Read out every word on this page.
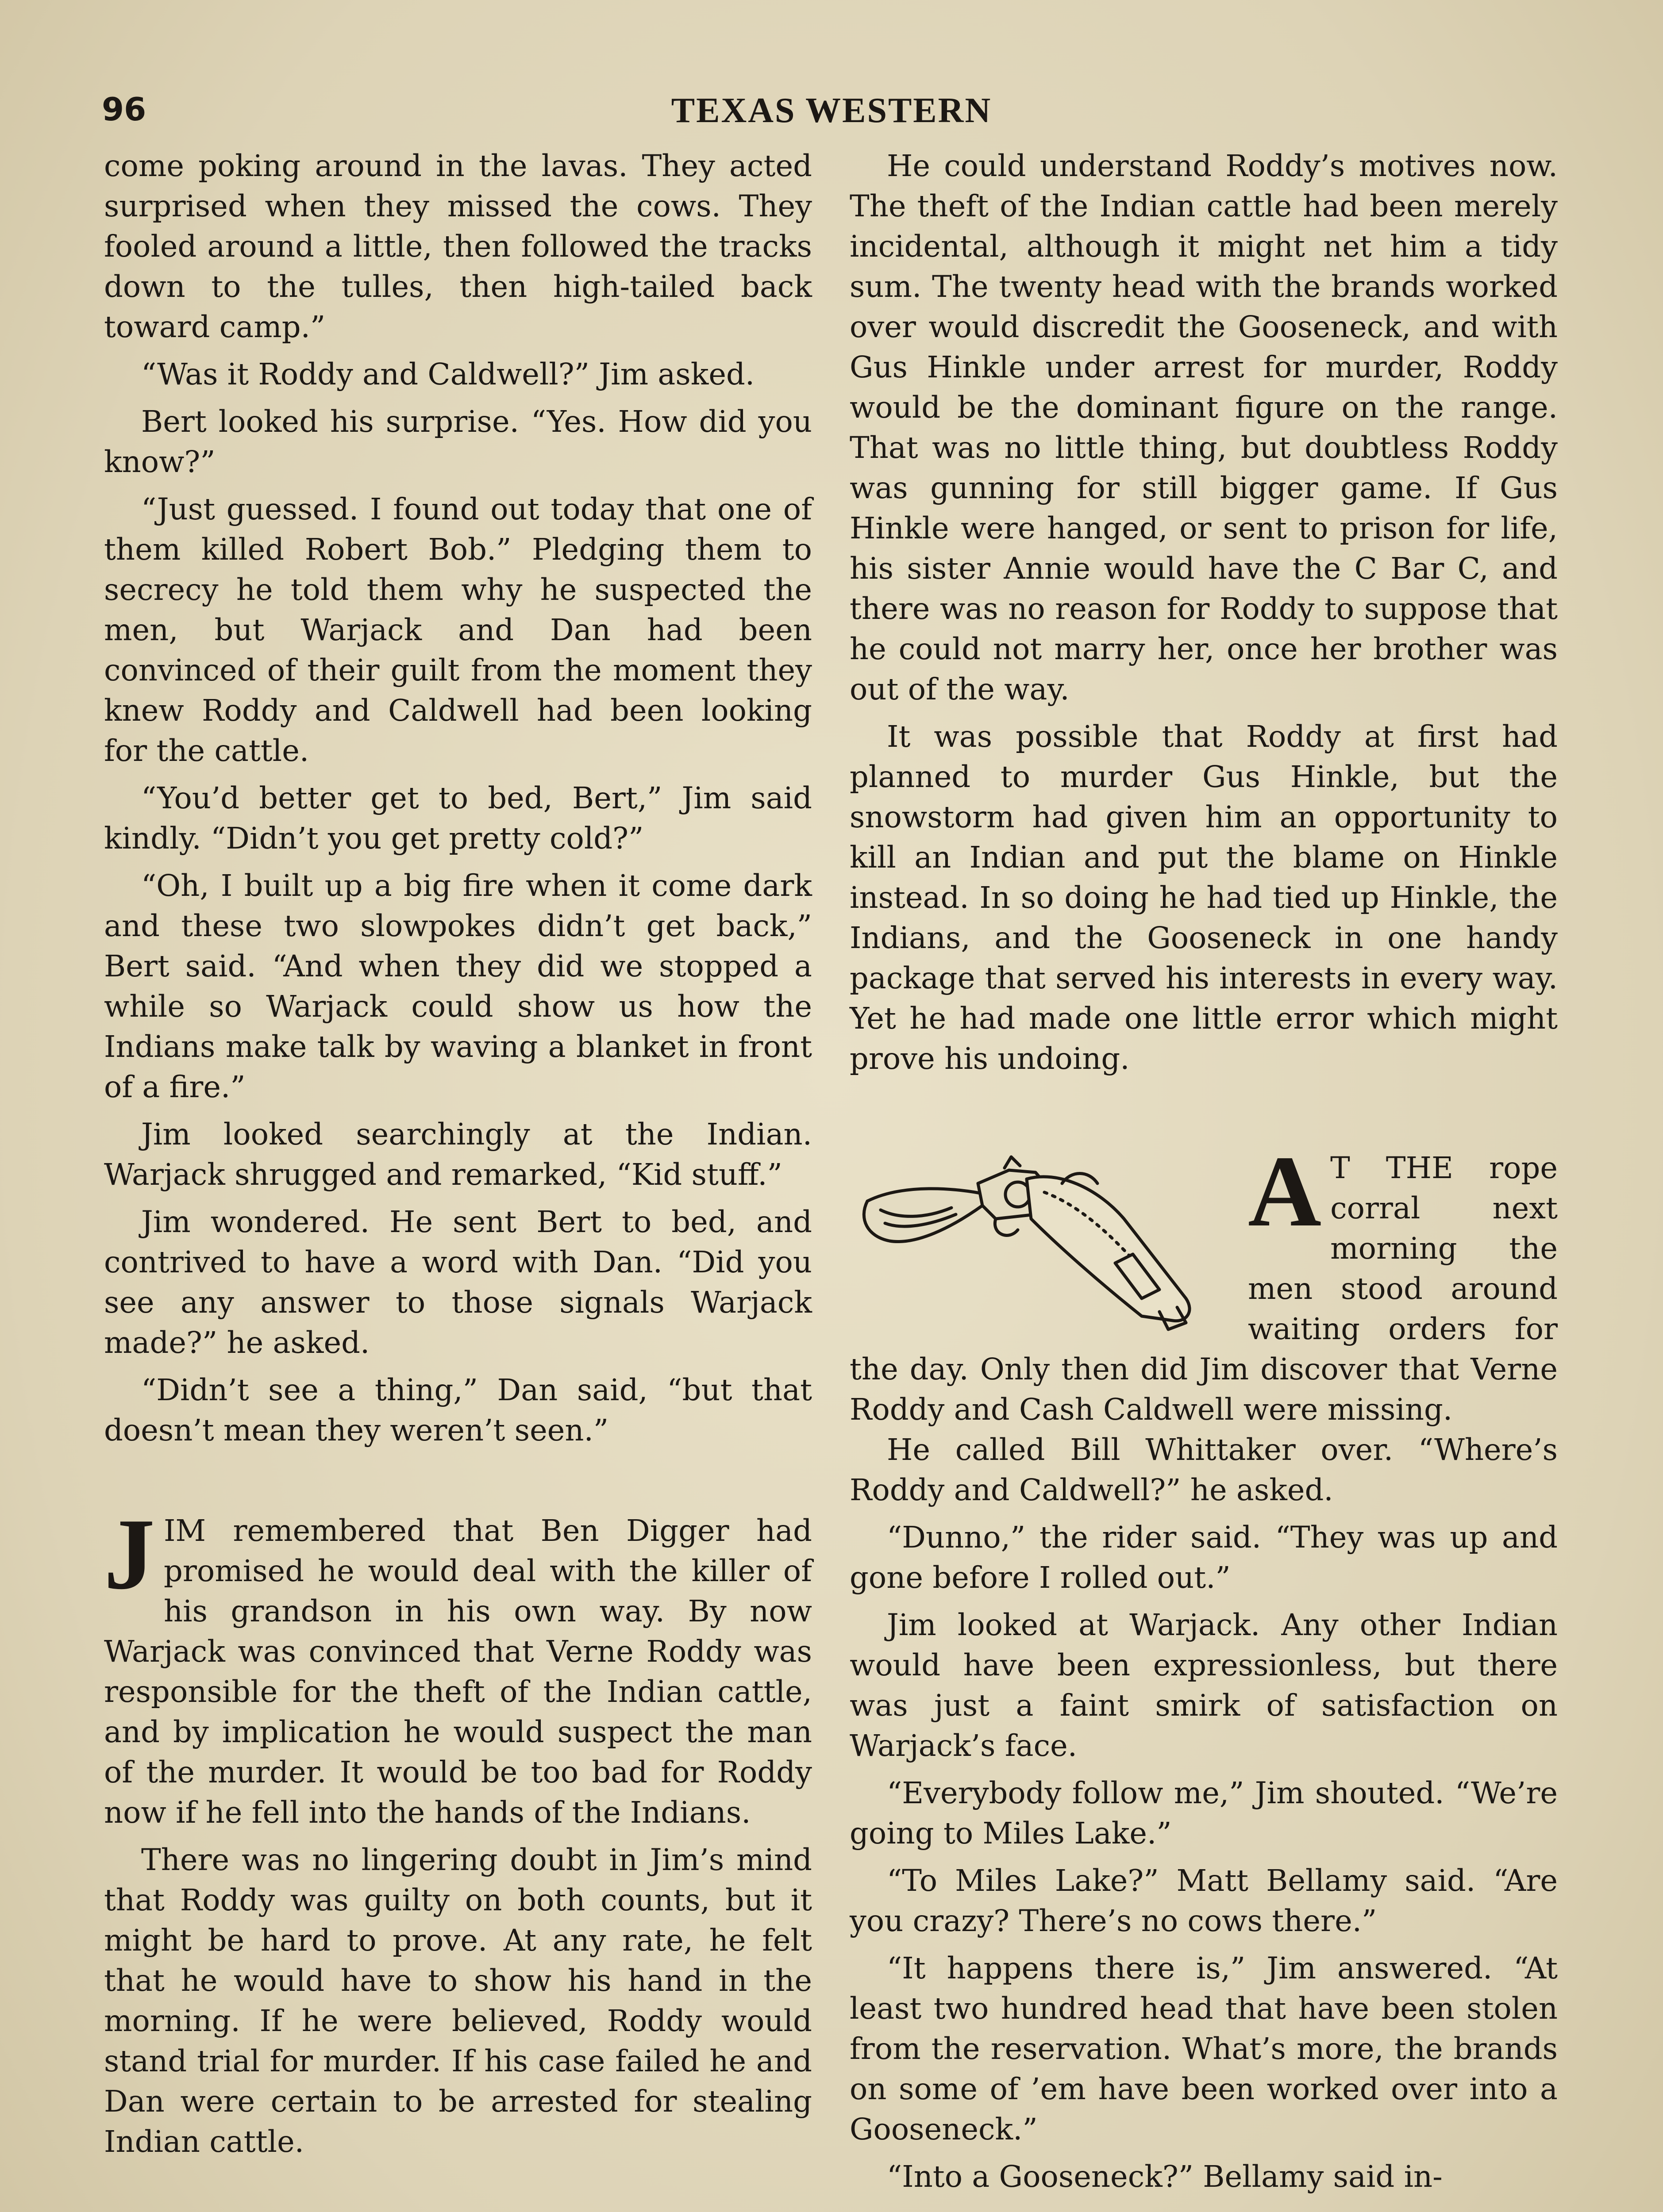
96	TEXAS WESTERN

come poking around in the lavas. They acted surprised when they missed the cows. They fooled around a little, then followed the tracks down to the tulles, then high-tailed back toward camp.”

“Was it Roddy and Caldwell?” Jim asked.

Bert looked his surprise. “Yes. How did you know?”

“Just guessed. I found out today that one of them killed Robert Bob.” Pledging them to secrecy he told them why he suspected the men, but Warjack and Dan had been convinced of their guilt from the moment they knew Roddy and Caldwell had been looking for the cattle.

“You’d better get to bed, Bert,” Jim said kindly. “Didn’t you get pretty cold?”

“Oh, I built up a big fire when it come dark and these two slowpokes didn’t get back,” Bert said. “And when they did we stopped a while so Warjack could show us how the Indians make talk by waving a blanket in front of a fire.”

Jim looked searchingly at the Indian. Warjack shrugged and remarked, “Kid stuff.”

Jim wondered. He sent Bert to bed, and contrived to have a word with Dan. “Did you see any answer to those signals Warjack made?” he asked.

“Didn’t see a thing,” Dan said, “but that doesn’t mean they weren’t seen.”

J IM remembered that Ben Digger had promised he would deal with the killer of his grandson in his own way. By now Warjack was convinced that Verne Roddy was responsible for the theft of the Indian cattle, and by implication he would suspect the man of the murder. It would be too bad for Roddy now if he fell into the hands of the Indians.

There was no lingering doubt in Jim’s mind that Roddy was guilty on both counts, but it might be hard to prove. At any rate, he felt that he would have to show his hand in the morning. If he were believed, Roddy would stand trial for murder. If his case failed he and Dan were certain to be arrested for stealing Indian cattle.

He could understand Roddy’s motives now. The theft of the Indian cattle had been merely incidental, although it might net him a tidy sum. The twenty head with the brands worked over would discredit the Gooseneck, and with Gus Hinkle under arrest for murder, Roddy would be the dominant figure on the range. That was no little thing, but doubtless Roddy was gunning for still bigger game. If Gus Hinkle were hanged, or sent to prison for life, his sister Annie would have the C Bar C, and there was no reason for Roddy to suppose that he could not marry her, once her brother was out of the way.

It was possible that Roddy at first had planned to murder Gus Hinkle, but the snowstorm had given him an opportunity to kill an Indian and put the blame on Hinkle instead. In so doing he had tied up Hinkle, the Indians, and the Gooseneck in one handy package that served his interests in every way. Yet he had made one little error which might prove his undoing.

A T THE rope corral next morning the men stood around waiting orders for the day. Only then did Jim discover that Verne Roddy and Cash Caldwell were missing.

He called Bill Whittaker over. “Where’s Roddy and Caldwell?” he asked.

“Dunno,” the rider said. “They was up and gone before I rolled out.”

Jim looked at Warjack. Any other Indian would have been expressionless, but there was just a faint smirk of satisfaction on Warjack’s face.

“Everybody follow me,” Jim shouted. “We’re going to Miles Lake.”

“To Miles Lake?” Matt Bellamy said. “Are you crazy? There’s no cows there.”

“It happens there is,” Jim answered. “At least two hundred head that have been stolen from the reservation. What’s more, the brands on some of ’em have been worked over into a Gooseneck.”

“Into a Gooseneck?” Bellamy said in-
